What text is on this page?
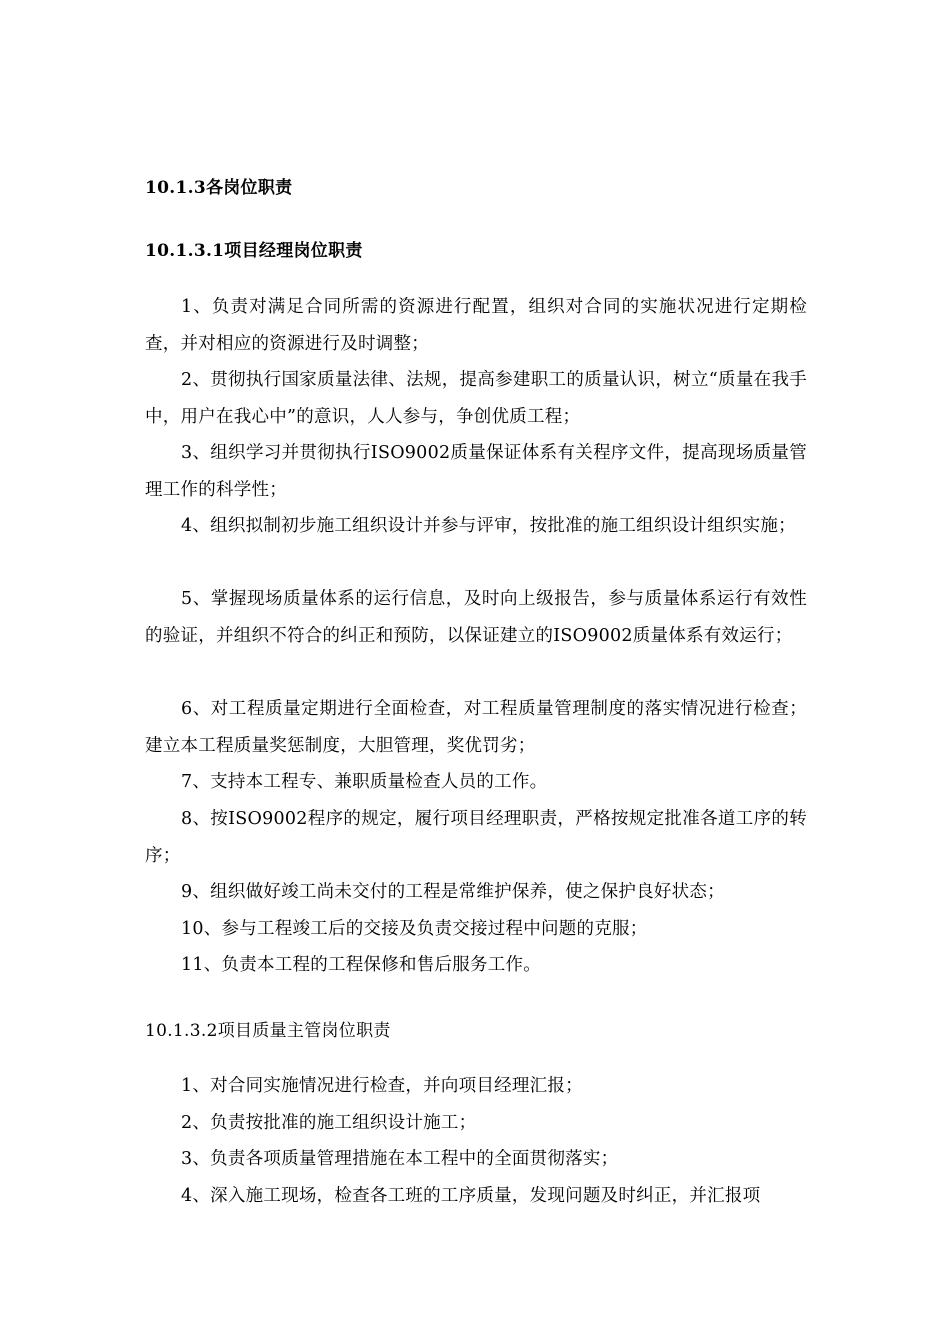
10.1.3各岗位职责
10.1.3.1项目经理岗位职责
1、负责对满足合同所需的资源进行配置，组织对合同的实施状况进行定期检查，并对相应的资源进行及时调整；
2、贯彻执行国家质量法律、法规，提高参建职工的质量认识，树立“质量在我手中，用户在我心中”的意识，人人参与，争创优质工程；
3、组织学习并贯彻执行ISO9002质量保证体系有关程序文件，提高现场质量管理工作的科学性；
4、组织拟制初步施工组织设计并参与评审，按批准的施工组织设计组织实施；
5、掌握现场质量体系的运行信息，及时向上级报告，参与质量体系运行有效性的验证，并组织不符合的纠正和预防，以保证建立的ISO9002质量体系有效运行；
6、对工程质量定期进行全面检查，对工程质量管理制度的落实情况进行检查；建立本工程质量奖惩制度，大胆管理，奖优罚劣；
7、支持本工程专、兼职质量检查人员的工作。
8、按ISO9002程序的规定，履行项目经理职责，严格按规定批准各道工序的转序；
9、组织做好竣工尚未交付的工程是常维护保养，使之保护良好状态；
10、参与工程竣工后的交接及负责交接过程中问题的克服；
11、负责本工程的工程保修和售后服务工作。
10.1.3.2项目质量主管岗位职责
1、对合同实施情况进行检查，并向项目经理汇报；
2、负责按批准的施工组织设计施工；
3、负责各项质量管理措施在本工程中的全面贯彻落实；
4、深入施工现场，检查各工班的工序质量，发现问题及时纠正，并汇报项
